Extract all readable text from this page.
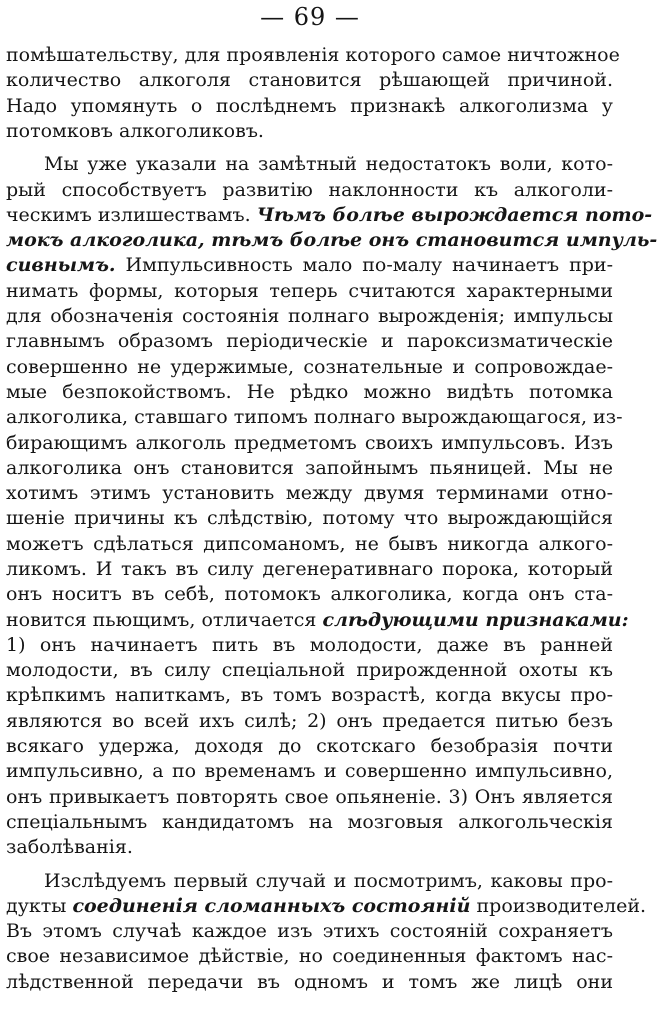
— 69 —
помѣшательству, для проявленія которого самое ничтожное
количество алкоголя становится рѣшающей причиной.
Надо упомянуть о послѣднемъ признакѣ алкоголизма у
потомковъ алкоголиковъ.
Мы уже указали на замѣтный недостатокъ воли, кото-
рый способствуетъ развитію наклонности къ алкоголи-
ческимъ излишествамъ. Чѣмъ болѣе вырождается пото-
мокъ алкоголика, тѣмъ болѣе онъ становится импуль-
сивнымъ. Импульсивность мало по-малу начинаетъ при-
нимать формы, которыя теперь считаются характерными
для обозначенія состоянія полнаго вырожденія; импульсы
главнымъ образомъ періодическіе и пароксизматическіе
совершенно не удержимые, сознательные и сопровождае-
мые безпокойствомъ. Не рѣдко можно видѣть потомка
алкоголика, ставшаго типомъ полнаго вырождающагося, из-
бирающимъ алкоголь предметомъ своихъ импульсовъ. Изъ
алкоголика онъ становится запойнымъ пьяницей. Мы не
хотимъ этимъ установить между двумя терминами отно-
шеніе причины къ слѣдствію, потому что вырождающійся
можетъ сдѣлаться дипсоманомъ, не бывъ никогда алкого-
ликомъ. И такъ въ силу дегенеративнаго порока, который
онъ носитъ въ себѣ, потомокъ алкоголика, когда онъ ста-
новится пьющимъ, отличается слѣдующими признаками:
1) онъ начинаетъ пить въ молодости, даже въ ранней
молодости, въ силу спеціальной прирожденной охоты къ
крѣпкимъ напиткамъ, въ томъ возрастѣ, когда вкусы про-
являются во всей ихъ силѣ; 2) онъ предается питью безъ
всякаго удержа, доходя до скотскаго безобразія почти
импульсивно, а по временамъ и совершенно импульсивно,
онъ привыкаетъ повторять свое опьяненіе. 3) Онъ является
спеціальнымъ кандидатомъ на мозговыя алкогольческія
заболѣванія.
Изслѣдуемъ первый случай и посмотримъ, каковы про-
дукты соединенія сломанныхъ состояній производителей.
Въ этомъ случаѣ каждое изъ этихъ состояній сохраняетъ
свое независимое дѣйствіе, но соединенныя фактомъ нас-
лѣдственной передачи въ одномъ и томъ же лицѣ они
